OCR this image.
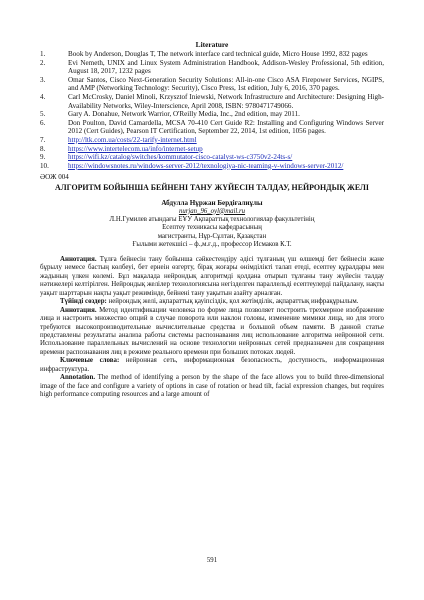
Literature
1.	Book by Anderson, Douglas T, The network interface card technical guide, Micro House 1992, 832 pages
2.	Evi Nemeth, UNIX and Linux System Administration Handbook, Addison-Wesley Professional, 5th edition, August 18, 2017, 1232 pages
3.	Omar Santos, Cisco Next-Generation Security Solutions: All-in-one Cisco ASA Firepower Services, NGIPS, and AMP (Networking Technology: Security), Cisco Press, 1st edition, July 6, 2016, 370 pages.
4.	Carl McCrosky, Daniel Minoli, Krzysztof Iniewski, Network Infrastructure and Architecture: Designing High-Availability Networks, Wiley-Interscience, April 2008, ISBN: 9780471749066.
5.	Gary A. Donahue, Network Warrior, O'Reilly Media, Inc., 2nd edition, may 2011.
6.	Don Poulton, David Camardella, MCSA 70-410 Cert Guide R2: Installing and Configuring Windows Server 2012 (Cert Guides), Pearson IT Certification, September 22, 2014, 1st edition, 1056 pages.
7.	http://ltk.com.ua/costs/22-tarify-internet.html
8.	https://www.intertelecom.ua/info/internet-setup
9.	https://wifi.kz/catalog/switches/kommutator-cisco-catalyst-ws-c3750v2-24ts-s/
10.	https://windowsnotes.ru/windows-server-2012/texnologiya-nic-teaming-v-windows-server-2012/
ӘОЖ 004
АЛГОРИТМ БОЙЫНША БЕЙНЕНІ ТАНУ ЖҮЙЕСІН ТАЛДАУ, НЕЙРОНДЫҚ ЖЕЛІ
Абдулла Нұржан Бердіғалиұлы
nurjan_96_oyl@mail.ru
Л.Н.Гумилев атындағы ЕҰУ Ақпараттық технологиялар факультетінің
Есептеу техникасы кафедрасының
магистранты, Нұр-Сұлтан, Қазақстан
Ғылыми жетекшісі – ф.,м.ғ.д., профессор Исмаков К.Т.

Аннотация. Тұлға бейнесін тану бойынша сәйкестендіру әдісі тұлғаның үш өлшемді бет бейнесін жане бұрылу немесе бастың көлбеуі, бет ернеін өзгерту, бірақ жоғары өнімділікті талап етеді, есептеу құралдары мен жадының үлкен көлемі. Бұл мақалада нейрондық алгоритмді қолдана отырып тұлғаны тану жүйесін талдау нәтижелері келтірілген. Нейрондық желілер технологиясына негізделген параллельді есептеулерді пайдалану, нақты уақыт шарттарын нақты уақыт режимінде, бейнені тану уақытын азайту арналған.

Түйінді сөздер: нейрондық желі, ақпараттық қауіпсіздік, қол жетімділік, ақпараттық инфрақұрылым.

Аннотация. Метод идентификации человека по форме лица позволяет построить трехмерное изображение лица и настроить множество опций в случае поворота или наклон головы, изменение мимики лица, но для этого требуются высокопроизводительные вычислительные средства и большой объем памяти. В данной статье представлены результаты анализа работы системы распознавания лиц использование алгоритма нейронной сети. Использование параллельных вычислений на основе технологии нейронных сетей предназначен для сокращения времени распознавания лиц в режиме реального времени при больших потоках людей.

Ключевые слова: нейронная сеть, информационная безопасность, доступность, информационная инфраструктура.

Annotation. The method of identifying a person by the shape of the face allows you to build three-dimensional image of the face and configure a variety of options in case of rotation or head tilt, facial expression changes, but requires high performance computing resources and a large amount of

591
